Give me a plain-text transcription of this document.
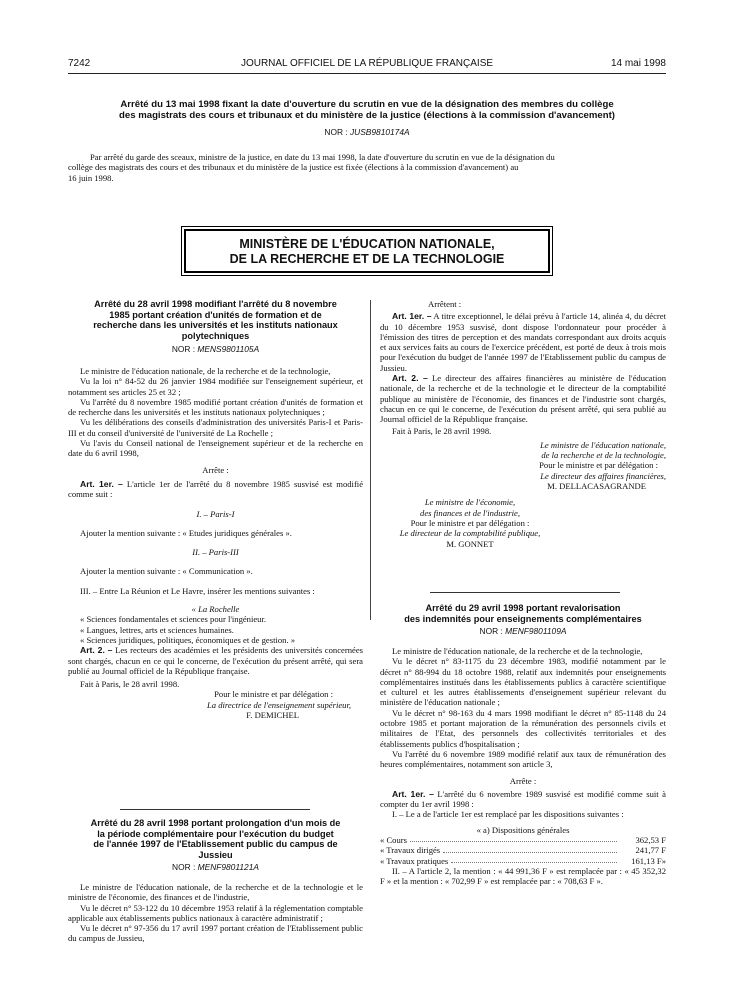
7242	JOURNAL OFFICIEL DE LA RÉPUBLIQUE FRANÇAISE	14 mai 1998
Arrêté du 13 mai 1998 fixant la date d'ouverture du scrutin en vue de la désignation des membres du collège
des magistrats des cours et tribunaux et du ministère de la justice (élections à la commission d'avancement)
NOR : JUSB9810174A
Par arrêté du garde des sceaux, ministre de la justice, en date du 13 mai 1998, la date d'ouverture du scrutin en vue de la désignation du
collège des magistrats des cours et des tribunaux et du ministère de la justice est fixée (élections à la commission d'avancement) au
16 juin 1998.
MINISTÈRE DE L'ÉDUCATION NATIONALE,
DE LA RECHERCHE ET DE LA TECHNOLOGIE
Arrêté du 28 avril 1998 modifiant l'arrêté du 8 novembre
1985 portant création d'unités de formation et de
recherche dans les universités et les instituts nationaux
polytechniques
NOR : MENS9801105A

Le ministre de l'éducation nationale, de la recherche et de la technologie,

Vu la loi n° 84-52 du 26 janvier 1984 modifiée sur l'enseignement supérieur, et notamment ses articles 25 et 32 ;

Vu l'arrêté du 8 novembre 1985 modifié portant création d'unités de formation et de recherche dans les universités et les instituts nationaux polytechniques ;

Vu les délibérations des conseils d'administration des universités Paris-I et Paris-III et du conseil d'université de l'université de La Rochelle ;

Vu l'avis du Conseil national de l'enseignement supérieur et de la recherche en date du 6 avril 1998,

Arrête :

Art. 1er. – L'article 1er de l'arrêté du 8 novembre 1985 susvisé est modifié comme suit :

I. – Paris-I

Ajouter la mention suivante : « Etudes juridiques générales ».

II. – Paris-III

Ajouter la mention suivante : « Communication ».

III. – Entre La Réunion et Le Havre, insérer les mentions suivantes :

« La Rochelle

« Sciences fondamentales et sciences pour l'ingénieur.

« Langues, lettres, arts et sciences humaines.

« Sciences juridiques, politiques, économiques et de gestion. »

Art. 2. – Les recteurs des académies et les présidents des universités concernées sont chargés, chacun en ce qui le concerne, de l'exécution du présent arrêté, qui sera publié au Journal officiel de la République française.

Fait à Paris, le 28 avril 1998.

Pour le ministre et par délégation :

La directrice de l'enseignement supérieur,

F. DEMICHEL

Arrêté du 28 avril 1998 portant prolongation d'un mois de
la période complémentaire pour l'exécution du budget
de l'année 1997 de l'Etablissement public du campus de
Jussieu
NOR : MENF9801121A

Le ministre de l'éducation nationale, de la recherche et de la technologie et le ministre de l'économie, des finances et de l'industrie,

Vu le décret n° 53-122 du 10 décembre 1953 relatif à la réglementation comptable applicable aux établissements publics nationaux à caractère administratif ;

Vu le décret n° 97-356 du 17 avril 1997 portant création de l'Etablissement public du campus de Jussieu,

Arrêtent :

Art. 1er. – A titre exceptionnel, le délai prévu à l'article 14, alinéa 4, du décret du 10 décembre 1953 susvisé, dont dispose l'ordonnateur pour procéder à l'émission des titres de perception et des mandats correspondant aux droits acquis et aux services faits au cours de l'exercice précédent, est porté de deux à trois mois pour l'exécution du budget de l'année 1997 de l'Etablissement public du campus de Jussieu.

Art. 2. – Le directeur des affaires financières au ministère de l'éducation nationale, de la recherche et de la technologie et le directeur de la comptabilité publique au ministère de l'économie, des finances et de l'industrie sont chargés, chacun en ce qui le concerne, de l'exécution du présent arrêté, qui sera publié au Journal officiel de la République française.

Fait à Paris, le 28 avril 1998.

Le ministre de l'éducation nationale,

de la recherche et de la technologie,

Pour le ministre et par délégation :

Le directeur des affaires financières,

M. DELLACASAGRANDE

Le ministre de l'économie,

des finances et de l'industrie,

Pour le ministre et par délégation :

Le directeur de la comptabilité publique,

M. GONNET

Arrêté du 29 avril 1998 portant revalorisation
des indemnités pour enseignements complémentaires
NOR : MENF9801109A

Le ministre de l'éducation nationale, de la recherche et de la technologie,

Vu le décret n° 83-1175 du 23 décembre 1983, modifié notamment par le décret n° 88-994 du 18 octobre 1988, relatif aux indemnités pour enseignements complémentaires institués dans les établissements publics à caractère scientifique et culturel et les autres établissements d'enseignement supérieur relevant du ministère de l'éducation nationale ;

Vu le décret n° 98-163 du 4 mars 1998 modifiant le décret n° 85-1148 du 24 octobre 1985 et portant majoration de la rémunération des personnels civils et militaires de l'Etat, des personnels des collectivités territoriales et des établissements publics d'hospitalisation ;

Vu l'arrêté du 6 novembre 1989 modifié relatif aux taux de rémunération des heures complémentaires, notamment son article 3,

Arrête :

Art. 1er. – L'arrêté du 6 novembre 1989 susvisé est modifié comme suit à compter du 1er avril 1998 :

I. – Le a de l'article 1er est remplacé par les dispositions suivantes :

« a) Dispositions générales

« Cours	362,53 F
« Travaux dirigés	241,77 F
« Travaux pratiques	161,13 F»

II. – A l'article 2, la mention : « 44 991,36 F » est remplacée par : « 45 352,32 F » et la mention : « 702,99 F » est remplacée par : « 708,63 F ».
